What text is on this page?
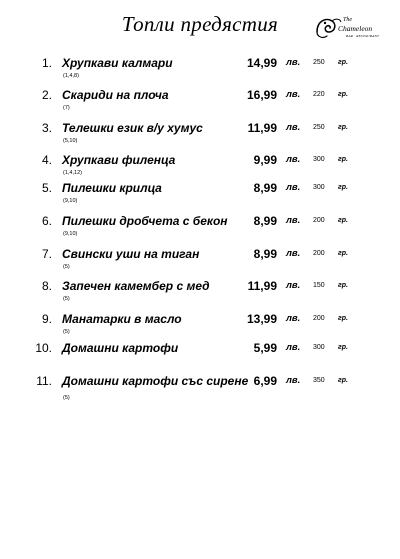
Топли предястия	The
Chameleon
BAR · RESTAURANT
1. Хрупкави калмари	14,99 лв. 250 гр.
(1,4,8)
2. Скариди на плоча	16,99 лв. 220 гр.
(7)
3. Телешки език в/у хумус	11,99 лв. 250 гр.
(5,10)
4. Хрупкави филенца	9,99 лв. 300 гр.
(1,4,12)
5. Пилешки крилца	8,99 лв. 300 гр.
(9,10)
6. Пилешки дробчета с бекон	8,99 лв. 200 гр.
(9,10)
7. Свински уши на тиган	8,99 лв. 200 гр.
(5)
8. Запечен камембер с мед	11,99 лв. 150 гр.
(5)
9. Манатарки в масло	13,99 лв. 200 гр.
(5)
10. Домашни картофи	5,99 лв. 300 гр.
11. Домашни картофи със сирене 6,99 лв. 350 гр.
(5)
